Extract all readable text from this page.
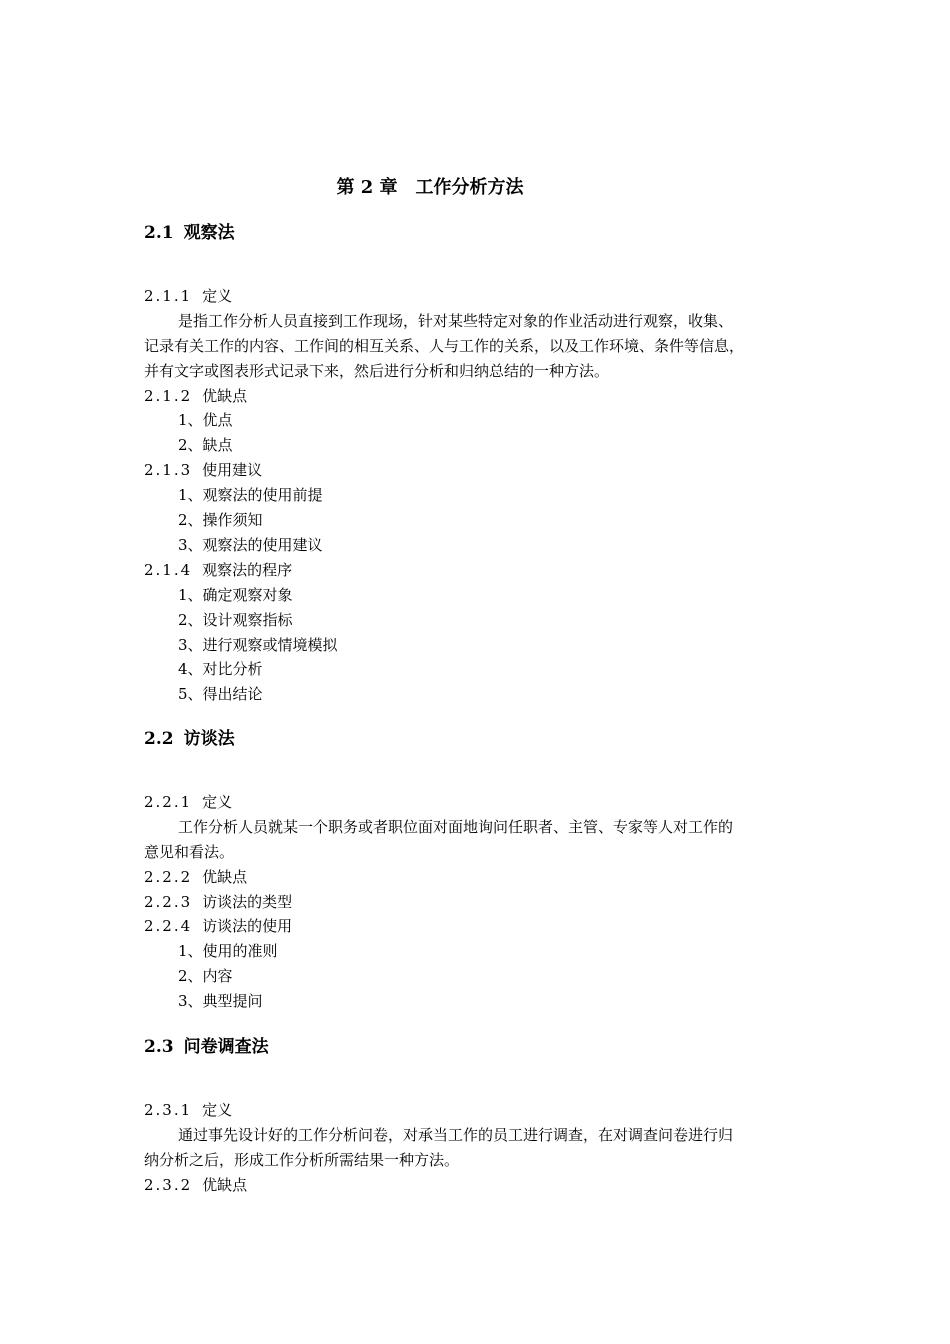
第 2 章 工作分析方法
2.1 观察法
2.1.1 定义
是指工作分析人员直接到工作现场，针对某些特定对象的作业活动进行观察，收集、
记录有关工作的内容、工作间的相互关系、人与工作的关系，以及工作环境、条件等信息，
并有文字或图表形式记录下来，然后进行分析和归纳总结的一种方法。
2.1.2 优缺点
1、优点
2、缺点
2.1.3 使用建议
1、观察法的使用前提
2、操作须知
3、观察法的使用建议
2.1.4 观察法的程序
1、确定观察对象
2、设计观察指标
3、进行观察或情境模拟
4、对比分析
5、得出结论
2.2 访谈法
2.2.1 定义
工作分析人员就某一个职务或者职位面对面地询问任职者、主管、专家等人对工作的
意见和看法。
2.2.2 优缺点
2.2.3 访谈法的类型
2.2.4 访谈法的使用
1、使用的准则
2、内容
3、典型提问
2.3 问卷调查法
2.3.1 定义
通过事先设计好的工作分析问卷，对承当工作的员工进行调查，在对调查问卷进行归
纳分析之后，形成工作分析所需结果一种方法。
2.3.2 优缺点
